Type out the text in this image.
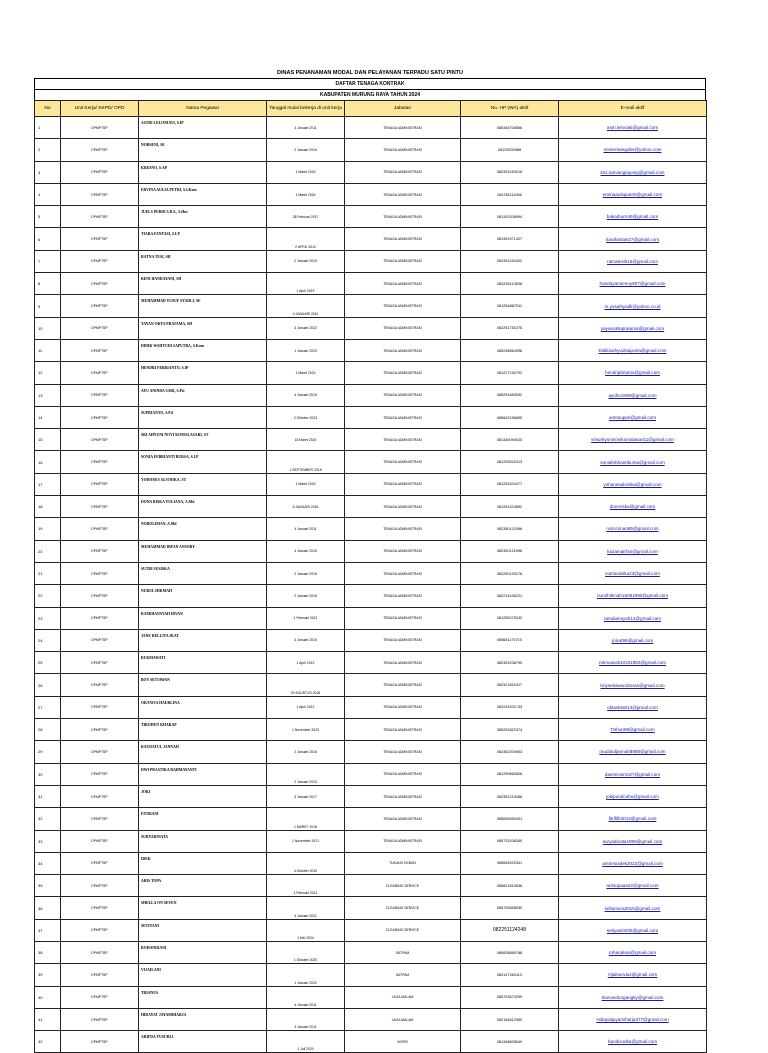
DINAS PENANAMAN MODAL DAN PELAYANAN TERPADU SATU PINTU
DAFTAR TENAGA KONTRAK
KABUPATEN MURUNG RAYA TAHUN 2024
No	Unit Kerja/ SKPD/ OPD	Nama Pegawai	Tanggal mulai bekerja di unit kerja	Jabatan	No. HP (WA) aktif	E-mail aktif
1	DPMPTSP	ASTRI LELONIATI, S.IP	4 Januari 2011	TENAGA ADMINISTRASI	085345706566	astri.leloniati@gmail.com
2	DPMPTSP	NORSENI, SE	2 Januari 2016	TENAGA ADMINISTRASI	08125330988	norseniwegabs@yahoo.com
3	DPMPTSP	KRESNO, S.AP	1 Maret 2024	TENAGA ADMINISTRASI	082353160016	ks1.tamianglayang@gmail.com
4	DPMPTSP	ERVINA AULIA PUTRI, S.I.Kom	1 Maret 2024	TENAGA ADMINISTRASI	081251111066	ervinaauliaputri0@gmail.com
5	DPMPTSP	JUELS PERDI S.D.S., S.Hut	28 Februari 2017	TENAGA ADMINISTRASI	081320206994	bakarburn49@gmail.com
6	DPMPTSP	TIARA FANTASI, S.I.P	2 APRIL 2012	TENAGA ADMINISTRASI	081351971427	tiarafantasi27@gmail.com
7	DPMPTSP	RATNA TESI, SH	2 Januari 2015	TENAGA ADMINISTRASI	082351150402	ratnatesi516@gmail.com
8	DPMPTSP	RENI HANDAYANI, SH	1 April 2019	TENAGA ADMINISTRASI	082255113538	handayanirenny807@gmail.com
9	DPMPTSP	MUHAMMAD YUSUF SYADLI, SE	4 JANUARI 2011	TENAGA ADMINISTRASI	081254887911	m.yusufsyadli@yahoo.co.id
10	DPMPTSP	YAYAN OKTA PRATAMA, SH	3 Januari 2022	TENAGA ADMINISTRASI	082251751075	yayanoktapratama@gmail.com
11	DPMPTSP	DIDIK WAHYUDI SAPUTRA, S.Kom	1 Januari 2023	TENAGA ADMINISTRASI	085248864398	Didikwahyudisaputra@gmail.com
12	DPMPTSP	HENDRI FEBRIANTO, S.IP	1 Maret 2024	TENAGA ADMINISTRASI	081227150792	hendripbrianto@gmail.com
13	DPMPTSP	AYU ANINDA SARI, S.Psi	4 Januari 2016	TENAGA ADMINISTRASI	085251683932	ayufio1908@gmail.com
14	DPMPTSP	SUPRIANTO, S.Pd	2 Oktober 2023	TENAGA ADMINISTRASI	085602156895	antosuppri@gmail.com
15	DPMPTSP	SRI AHYUNI NOVI KOMALASARI, ST	18 Maret 2024	TENAGA ADMINISTRASI	081345094020	sriwahyuninovikomalasari11@gmail.com
16	DPMPTSP	SONIA FEBRIANTI BURSA, S.I.P	1 SEPTEMBER 2015	TENAGA ADMINISTRASI	081253542313	soniafebriantibursa@gmail.com
17	DPMPTSP	YOHANES ALVINIKA, ST	1 Maret 2024	TENAGA ADMINISTRASI	081253324477	yohanesalvinika@gmail.com
18	DPMPTSP	DONA RISKA YULIANA, A.Md	6 JANUARI 2016	TENAGA ADMINISTRASI	081251324892	donnriska@gmail.com
19	DPMPTSP	NOROLIMAN, A.Md	4 Januari 2011	TENAGA ADMINISTRASI	082350121596	norol.iman85@gmail.com
20	DPMPTSP	MUHAMMAD IRFAN ANSORY	4 Januari 2016	TENAGA ADMINISTRASI	082350121596	kazamairfan@gmail.com
21	DPMPTSP	SUTRI SUSISKA	2 Januari 2018	TENAGA ADMINISTRASI	082250193176	sutrisusiska23@gmail.com
22	DPMPTSP	NURUL HIKMAH	2 Januari 2018	TENAGA ADMINISTRASI	082214436221	nurulhikmah15081990@gmail.com
23	DPMPTSP	RAMDIANSYAH IRVAN	1 Februari 2021	TENAGA ADMINISTRASI	081255275242	ramdiansyah12@gmail.com
24	DPMPTSP	JANE RELLITA IKAT	4 Januari 2016	TENAGA ADMINISTRASI	085651170710	jr.ikat96@gmail.com
25	DPMPTSP	RUKMAWATI	1 April 2013	TENAGA ADMINISTRASI	082353238795	rukmawati10101982@gmail.com
26	DPMPTSP	BOY SETIAWAN	29 AGUSTUS 2018	TENAGA ADMINISTRASI	082321821917	boysetiawandraras@gmail.com
27	DPMPTSP	OKTAVIA HAURLINA	1 April 2013	TENAGA ADMINISTRASI	082224201733	oktaokta013@gmail.com
28	DPMPTSP	TIROHUN KHARAP	1 November 2023	TENAGA ADMINISTRASI	085252822374	Tishun68@gmail.com
29	DPMPTSP	RAUDATUL JANNAH	2 Januari 2018	TENAGA ADMINISTRASI	082352204963	raudatuljannah8988@gmail.com
30	DPMPTSP	DWI PRASTIKA RAHMAYANTI	2 Januari 2023	TENAGA ADMINISTRASI	081250860826	daeminisms27@gmail.com
31	DPMPTSP	JOKI	3 Januari 2017	TENAGA ADMINISTRASI	082352219286	jokipurulcahu@gmail.com
32	DPMPTSP	FITRIANI	1 MARET 2016	TENAGA ADMINISTRASI	085695550401	fitrififit3014@gmail.com
33	DPMPTSP	SURYADINATA	1 November 2021	TENAGA ADMINISTRASI	085733208340	suryadinata1988@gmail.com
34	DPMPTSP	IDEK	4 Oktober 2010	TUKANG KEBUN	085654520341	antonsuidek2022@gmail.com
35	DPMPTSP	ARIS TOPA	1 Februari 2021	CLEANING SERVICE	085821810636	aristopaaa22@gmail.com
36	DPMPTSP	SHELLA ON SEVEN	4 Januari 2021	CLEANING SERVICE	085705858939	sellamura2015@gmail.com
37	DPMPTSP	SETIYANI	1 Mei 2024	CLEANING SERVICE	082251124248	setiyani0205@gmail.com
38	DPMPTSP	ROHANDIANI	1 Oktober 2020	SATPAM	085828869788	rohandiani@gmail.com
39	DPMPTSP	VIJAILANI	1 Januari 2022	SATPAM	082147463113	Vijailaniviaz@gmail.com
40	DPMPTSP	TRIANUS	4 Januari 2011	JAGA MALAM	085753670299	trianusdungangky@gmail.com
41	DPMPTSP	HIDAYAT JAYAMIHARJA	3 Januari 2011	JAGA MALAM	082154812969	Hidayatjayamiharja377@gmail.com
42	DPMPTSP	ARIFDA YUSURLI	1 Juli 2020	SOPIR	081348605649	bandixodka@gmail.com
